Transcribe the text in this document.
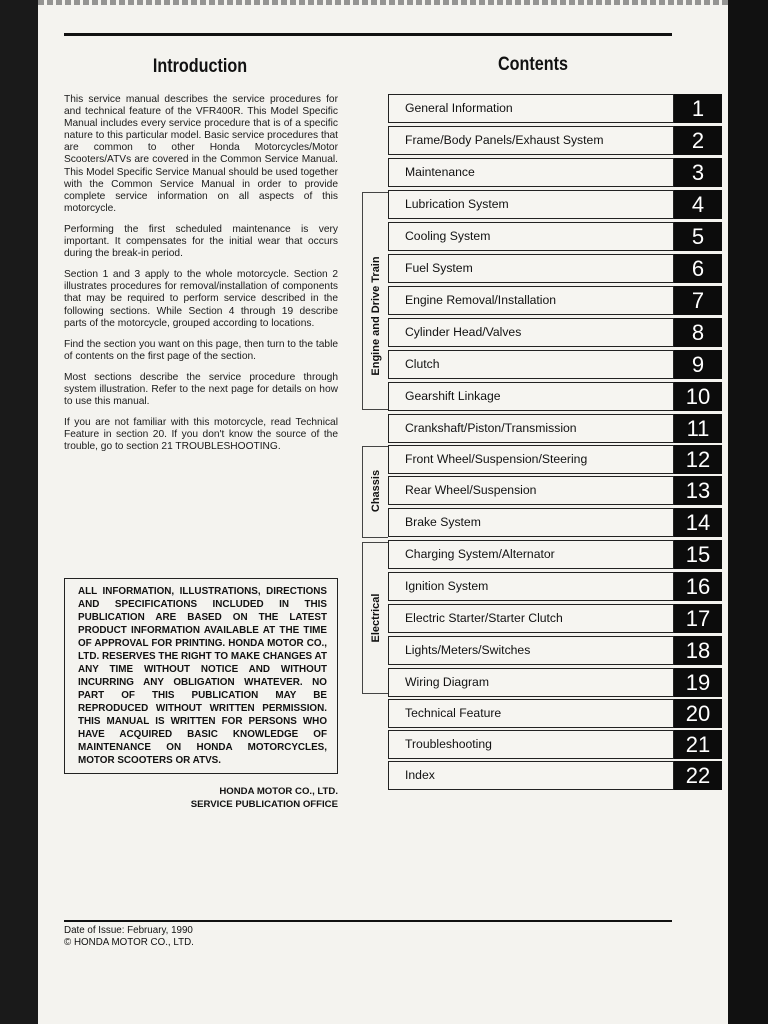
Introduction	Contents

This service manual describes the service procedures for and technical feature of the VFR400R. This Model Specific Manual includes every service procedure that is of a specific nature to this particular model. Basic service procedures that are common to other Honda Motorcycles/Motor Scooters/ATVs are covered in the Common Service Manual. This Model Specific Service Manual should be used together with the Common Service Manual in order to provide complete service information on all aspects of this motorcycle.

Performing the first scheduled maintenance is very important. It compensates for the initial wear that occurs during the break-in period.

Section 1 and 3 apply to the whole motorcycle. Section 2 illustrates procedures for removal/installation of components that may be required to perform service described in the following sections. While Section 4 through 19 describe parts of the motorcycle, grouped according to locations.

Find the section you want on this page, then turn to the table of contents on the first page of the section.

Most sections describe the service procedure through system illustration. Refer to the next page for details on how to use this manual.

If you are not familiar with this motorcycle, read Technical Feature in section 20. If you don't know the source of the trouble, go to section 21 TROUBLESHOOTING.

ALL INFORMATION, ILLUSTRATIONS, DIRECTIONS AND SPECIFICATIONS INCLUDED IN THIS PUBLICATION ARE BASED ON THE LATEST PRODUCT INFORMATION AVAILABLE AT THE TIME OF APPROVAL FOR PRINTING. HONDA MOTOR CO., LTD. RESERVES THE RIGHT TO MAKE CHANGES AT ANY TIME WITHOUT NOTICE AND WITHOUT INCURRING ANY OBLIGATION WHATEVER. NO PART OF THIS PUBLICATION MAY BE REPRODUCED WITHOUT WRITTEN PERMISSION. THIS MANUAL IS WRITTEN FOR PERSONS WHO HAVE ACQUIRED BASIC KNOWLEDGE OF MAINTENANCE ON HONDA MOTORCYCLES, MOTOR SCOOTERS OR ATVS.
HONDA MOTOR CO., LTD.
SERVICE PUBLICATION OFFICE
Engine and Drive Train
Chassis
Electrical
General Information	1
Frame/Body Panels/Exhaust System	2
Maintenance	3
Lubrication System	4
Cooling System	5
Fuel System	6
Engine Removal/Installation	7
Cylinder Head/Valves	8
Clutch	9
Gearshift Linkage	10
Crankshaft/Piston/Transmission	11
Front Wheel/Suspension/Steering	12
Rear Wheel/Suspension	13
Brake System	14
Charging System/Alternator	15
Ignition System	16
Electric Starter/Starter Clutch	17
Lights/Meters/Switches	18
Wiring Diagram	19
Technical Feature	20
Troubleshooting	21
Index	22
Date of Issue: February, 1990
© HONDA MOTOR CO., LTD.
